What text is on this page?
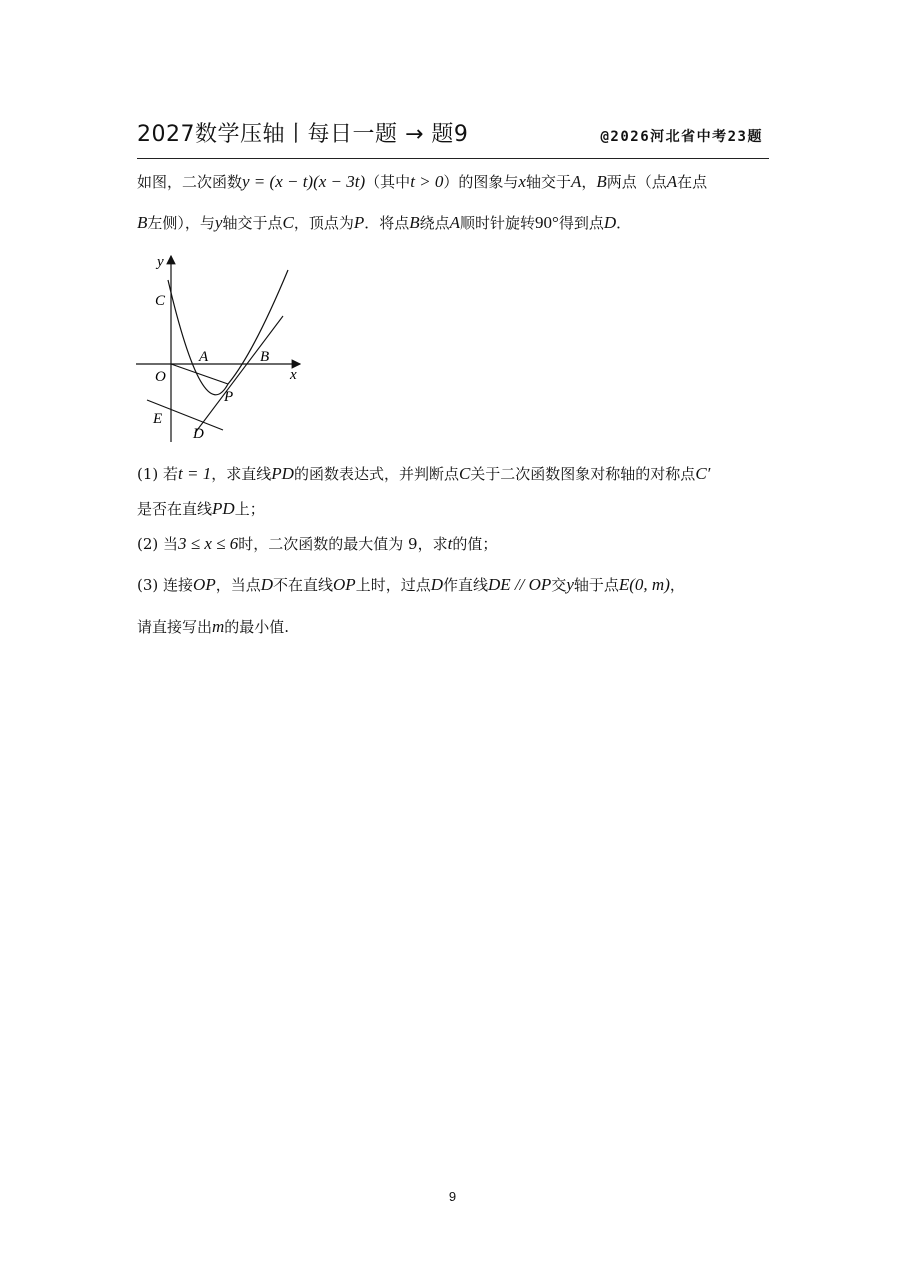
2027数学压轴丨每日一题 → 题9	@2026河北省中考23题
如图，二次函数y = (x − t)(x − 3t)（其中t > 0）的图象与x轴交于A，B两点（点A在点
B左侧），与y轴交于点C，顶点为P．将点B绕点A顺时针旋转90°得到点D．
y
x
C
A	B
O
P
E
D
(1) 若t = 1，求直线PD的函数表达式，并判断点C关于二次函数图象对称轴的对称点C′
是否在直线PD上；
(2) 当3 ≤ x ≤ 6时，二次函数的最大值为 9，求t的值；
(3) 连接OP，当点D不在直线OP上时，过点D作直线DE // OP交y轴于点E(0, m)，
请直接写出m的最小值.
9
